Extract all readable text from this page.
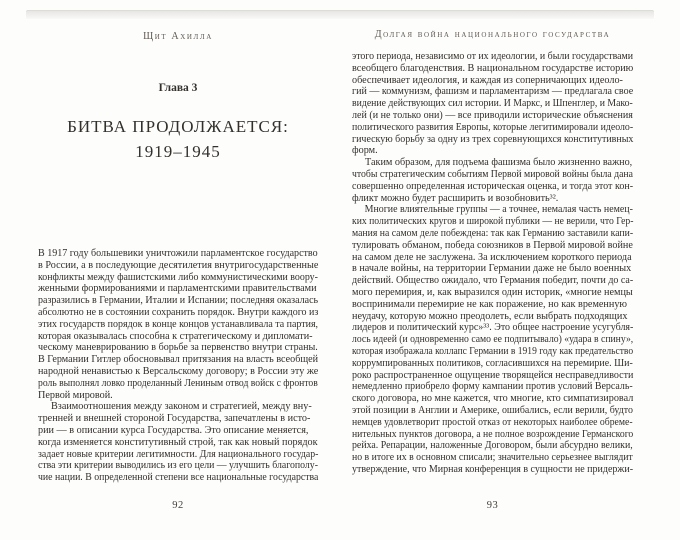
Щит Ахилла
Глава 3
БИТВА ПРОДОЛЖАЕТСЯ:
1919–1945
В 1917 году большевики уничтожили парламентское государство
в России, а в последующие десятилетия внутригосударственные
конфликты между фашистскими либо коммунистическими воору-
женными формированиями и парламентскими правительствами
разразились в Германии, Италии и Испании; последняя оказалась
абсолютно не в состоянии сохранить порядок. Внутри каждого из
этих государств порядок в конце концов устанавливала та партия,
которая оказывалась способна к стратегическому и дипломати-
ческому маневрированию в борьбе за первенство внутри страны.
В Германии Гитлер обосновывал притязания на власть всеобщей
народной ненавистью к Версальскому договору; в России эту же
роль выполнял ловко проделанный Лениным отвод войск с фронтов
Первой мировой.
Взаимоотношения между законом и стратегией, между вну-
тренней и внешней стороной Государства, запечатлены в исто-
рии — в описании курса Государства. Это описание меняется,
когда изменяется конститутивный строй, так как новый порядок
задает новые критерии легитимности. Для национального государ-
ства эти критерии выводились из его цели — улучшить благополу-
чие нации. В определенной степени все национальные государства
92
Долгая война национального государства
этого периода, независимо от их идеологии, и были государствами
всеобщего благоденствия. В национальном государстве историю
обеспечивает идеология, и каждая из соперничающих идеоло-
гий — коммунизм, фашизм и парламентаризм — предлагала свое
видение действующих сил истории. И Маркс, и Шпенглер, и Мако-
лей (и не только они) — все приводили исторические объяснения
политического развития Европы, которые легитимировали идеоло-
гическую борьбу за одну из трех соревнующихся конститутивных
форм.
Таким образом, для подъема фашизма было жизненно важно,
чтобы стратегическим событиям Первой мировой войны была дана
совершенно определенная историческая оценка, и тогда этот кон-
фликт можно будет расширить и возобновить³².
Многие влиятельные группы — а точнее, немалая часть немец-
ких политических кругов и широкой публики — не верили, что Гер-
мания на самом деле побеждена: так как Германию заставили капи-
тулировать обманом, победа союзников в Первой мировой войне
на самом деле не заслужена. За исключением короткого периода
в начале войны, на территории Германии даже не было военных
действий. Общество ожидало, что Германия победит, почти до са-
мого перемирия, и, как выразился один историк, «многие немцы
воспринимали перемирие не как поражение, но как временную
неудачу, которую можно преодолеть, если выбрать подходящих
лидеров и политический курс»³³. Это общее настроение усугубля-
лось идеей (и одновременно само ее подпитывало) «удара в спину»,
которая изображала коллапс Германии в 1919 году как предательство
коррумпированных политиков, согласившихся на перемирие. Ши-
роко распространенное ощущение творящейся несправедливости
немедленно приобрело форму кампании против условий Версаль-
ского договора, но мне кажется, что многие, кто симпатизировал
этой позиции в Англии и Америке, ошибались, если верили, будто
немцев удовлетворит простой отказ от некоторых наиболее обреме-
нительных пунктов договора, а не полное возрождение Германского
рейха. Репарации, наложенные Договором, были абсурдно велики,
но в итоге их в основном списали; значительно серьезнее выглядит
утверждение, что Мирная конференция в сущности не придержи-
93
